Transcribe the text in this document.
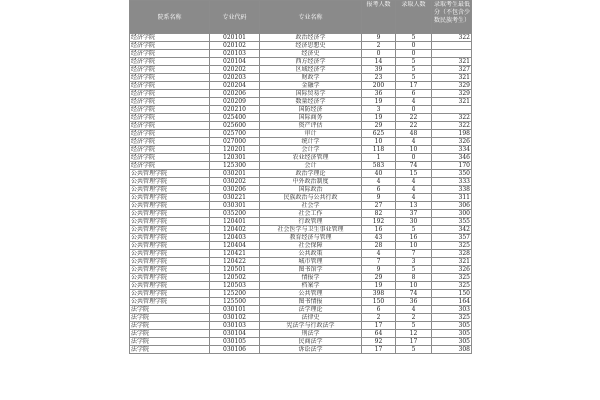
院系名称	专业代码	专业名称	报考人数	录取人数	录取考生最低分（不包含少数民族考生）
经济学院	020101	政治经济学	9	5	322
经济学院	020102	经济思想史	2	0	
经济学院	020103	经济史	0	0	
经济学院	020104	西方经济学	14	5	321
经济学院	020202	区域经济学	39	5	327
经济学院	020203	财政学	23	5	321
经济学院	020204	金融学	200	17	329
经济学院	020206	国际贸易学	36	6	329
经济学院	020209	数量经济学	19	4	321
经济学院	020210	国防经济	3	0	
经济学院	025400	国际商务	19	22	322
经济学院	025600	资产评估	29	22	322
经济学院	025700	审计	625	48	198
经济学院	027000	统计学	10	4	326
经济学院	120201	会计学	118	10	334
经济学院	120301	农业经济管理	1	0	346
经济学院	125300	会计	583	74	170
公共管理学院	030201	政治学理论	40	15	350
公共管理学院	030202	中外政治制度	4	4	333
公共管理学院	030206	国际政治	6	4	338
公共管理学院	030221	民族政治与公共行政	9	4	311
公共管理学院	030301	社会学	27	13	306
公共管理学院	035200	社会工作	82	37	300
公共管理学院	120401	行政管理	192	30	355
公共管理学院	120402	社会医学与卫生事业管理	16	5	342
公共管理学院	120403	教育经济与管理	43	16	357
公共管理学院	120404	社会保障	28	10	325
公共管理学院	120421	公共政策	4	7	328
公共管理学院	120422	城市管理	7	3	321
公共管理学院	120501	图书馆学	9	5	326
公共管理学院	120502	情报学	29	8	325
公共管理学院	120503	档案学	19	10	325
公共管理学院	125200	公共管理	398	74	150
公共管理学院	125500	图书情报	150	36	164
法学院	030101	法学理论	6	4	303
法学院	030102	法律史	2	2	325
法学院	030103	宪法学与行政法学	17	5	305
法学院	030104	刑法学	64	12	305
法学院	030105	民商法学	92	17	305
法学院	030106	诉讼法学	17	5	308
